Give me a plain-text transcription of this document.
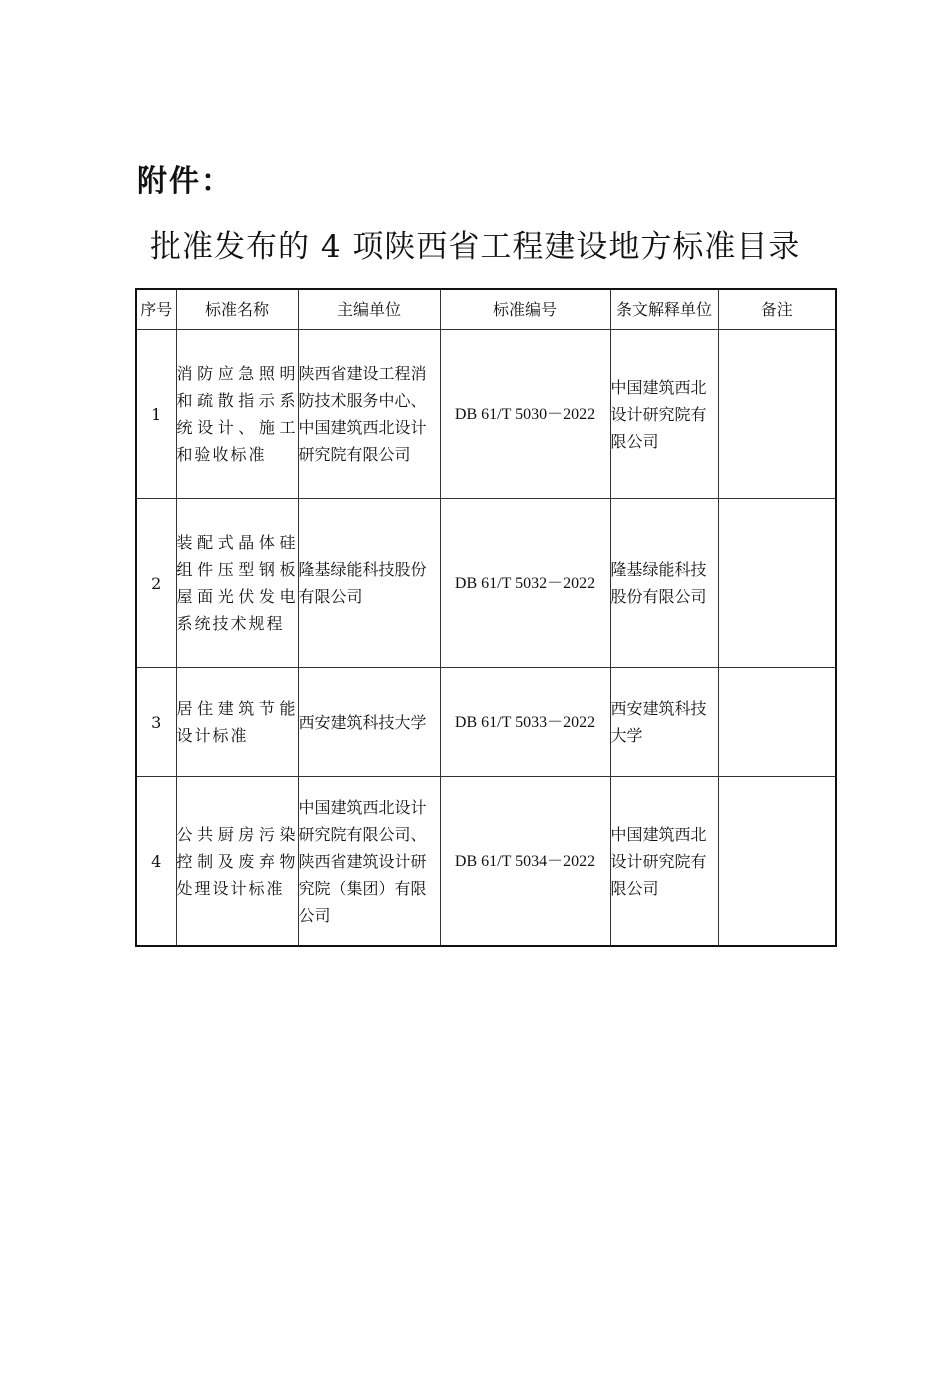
附件：
批准发布的 4 项陕西省工程建设地方标准目录
序号	标准名称	主编单位	标准编号	条文解释单位	备注
1	消防应急照明和疏散指示系统设计、施工和验收标准	陕西省建设工程消防技术服务中心、中国建筑西北设计研究院有限公司	DB 61/T 5030－2022	中国建筑西北设计研究院有限公司	
2	装配式晶体硅组件压型钢板屋面光伏发电系统技术规程	隆基绿能科技股份有限公司	DB 61/T 5032－2022	隆基绿能科技股份有限公司	
3	居住建筑节能设计标准	西安建筑科技大学	DB 61/T 5033－2022	西安建筑科技大学	
4	公共厨房污染控制及废弃物处理设计标准	中国建筑西北设计研究院有限公司、陕西省建筑设计研究院（集团）有限公司	DB 61/T 5034－2022	中国建筑西北设计研究院有限公司	
